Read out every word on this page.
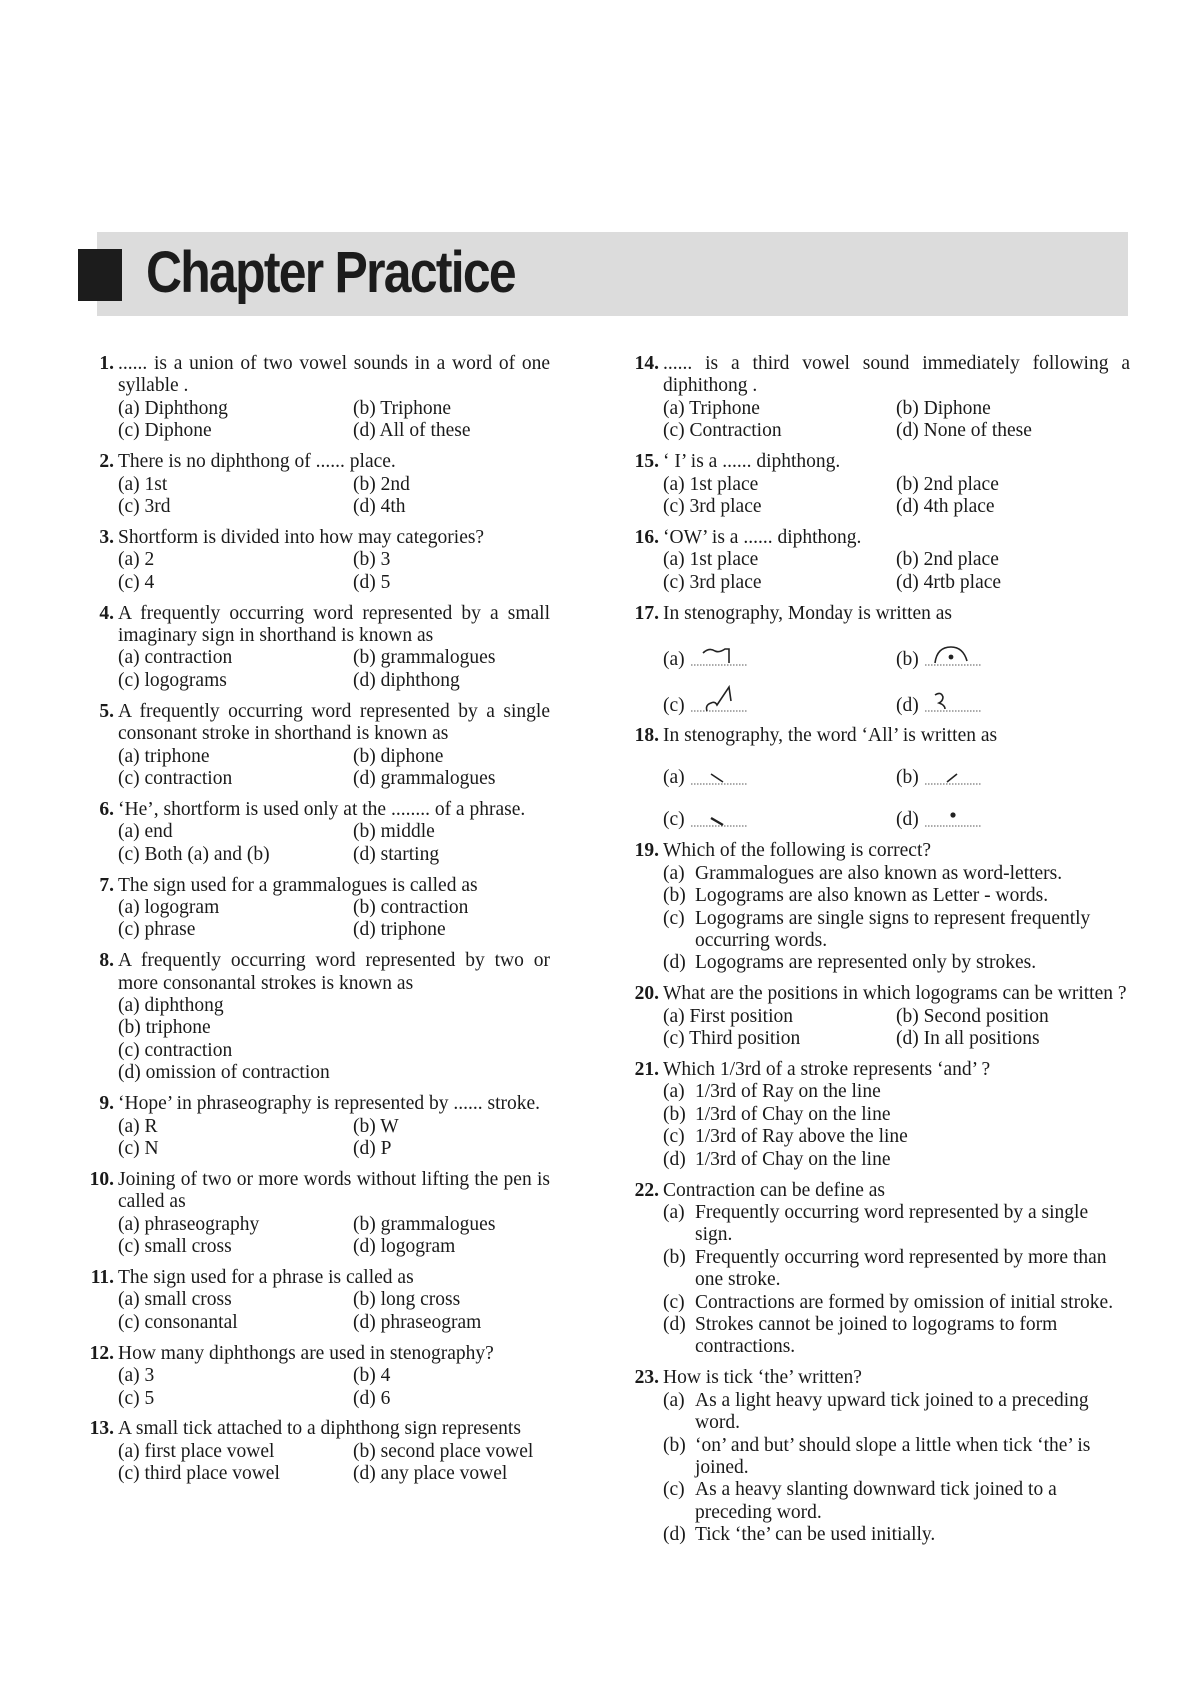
Chapter Practice
1. ...... is a union of two vowel sounds in a word of one syllable .
(a) Diphthong	(b) Triphone
(c) Diphone	(d) All of these
2. There is no diphthong of ...... place.
(a) 1st	(b) 2nd
(c) 3rd	(d) 4th
3. Shortform is divided into how may categories?
(a) 2	(b) 3
(c) 4	(d) 5
4. A frequently occurring word represented by a small imaginary sign in shorthand is known as
(a) contraction	(b) grammalogues
(c) logograms	(d) diphthong
5. A frequently occurring word represented by a single consonant stroke in shorthand is known as
(a) triphone	(b) diphone
(c) contraction	(d) grammalogues
6. ‘He’, shortform is used only at the ........ of a phrase.
(a) end	(b) middle
(c) Both (a) and (b)	(d) starting
7. The sign used for a grammalogues is called as
(a) logogram	(b) contraction
(c) phrase	(d) triphone
8. A frequently occurring word represented by two or more consonantal strokes is known as
(a) diphthong
(b) triphone
(c) contraction
(d) omission of contraction
9. ‘Hope’ in phraseography is represented by ...... stroke.
(a) R	(b) W
(c) N	(d) P
10. Joining of two or more words without lifting the pen is called as
(a) phraseography	(b) grammalogues
(c) small cross	(d) logogram
11. The sign used for a phrase is called as
(a) small cross	(b) long cross
(c) consonantal	(d) phraseogram
12. How many diphthongs are used in stenography?
(a) 3	(b) 4
(c) 5	(d) 6
13. A small tick attached to a diphthong sign represents
(a) first place vowel	(b) second place vowel
(c) third place vowel	(d) any place vowel
14. ...... is a third vowel sound immediately following a diphithong .
(a) Triphone	(b) Diphone
(c) Contraction	(d) None of these
15. ‘ I’ is a ...... diphthong.
(a) 1st place	(b) 2nd place
(c) 3rd place	(d) 4th place
16. ‘OW’ is a ...... diphthong.
(a) 1st place	(b) 2nd place
(c) 3rd place	(d) 4rtb place
17. In stenography, Monday is written as
(a)	(b)
(c)	(d)
18. In stenography, the word ‘All’ is written as
(a)	(b)
(c)	(d)
19. Which of the following is correct?
(a) Grammalogues are also known as word-letters.
(b) Logograms are also known as Letter - words.
(c) Logograms are single signs to represent frequently occurring words.
(d) Logograms are represented only by strokes.
20. What are the positions in which logograms can be written ?
(a) First position	(b) Second position
(c) Third position	(d) In all positions
21. Which 1/3rd of a stroke represents ‘and’ ?
(a) 1/3rd of Ray on the line
(b) 1/3rd of Chay on the line
(c) 1/3rd of Ray above the line
(d) 1/3rd of Chay on the line
22. Contraction can be define as
(a) Frequently occurring word represented by a single sign.
(b) Frequently occurring word represented by more than one stroke.
(c) Contractions are formed by omission of initial stroke.
(d) Strokes cannot be joined to logograms to form contractions.
23. How is tick ‘the’ written?
(a) As a light heavy upward tick joined to a preceding word.
(b) ‘on’ and but’ should slope a little when tick ‘the’ is joined.
(c) As a heavy slanting downward tick joined to a preceding word.
(d) Tick ‘the’ can be used initially.
